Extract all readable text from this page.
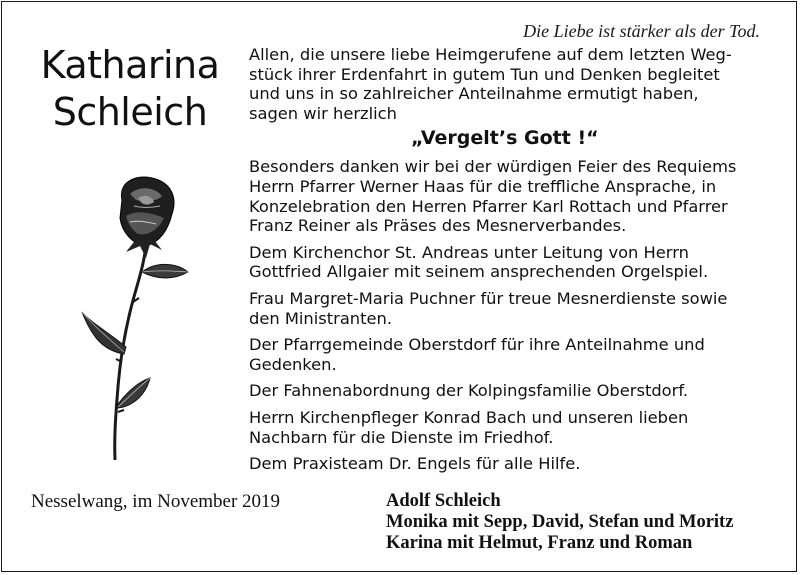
Die Liebe ist stärker als der Tod.
Katharina
Schleich
Allen, die unsere liebe Heimgerufene auf dem letzten Weg-
stück ihrer Erdenfahrt in gutem Tun und Denken begleitet
und uns in so zahlreicher Anteilnahme ermutigt haben,
sagen wir herzlich
„Vergelt’s Gott !“
Besonders danken wir bei der würdigen Feier des Requiems
Herrn Pfarrer Werner Haas für die treffliche Ansprache, in
Konzelebration den Herren Pfarrer Karl Rottach und Pfarrer
Franz Reiner als Präses des Mesnerverbandes.
Dem Kirchenchor St. Andreas unter Leitung von Herrn
Gottfried Allgaier mit seinem ansprechenden Orgelspiel.
Frau Margret-Maria Puchner für treue Mesnerdienste sowie
den Ministranten.
Der Pfarrgemeinde Oberstdorf für ihre Anteilnahme und
Gedenken.
Der Fahnenabordnung der Kolpingsfamilie Oberstdorf.
Herrn Kirchenpfleger Konrad Bach und unseren lieben
Nachbarn für die Dienste im Friedhof.
Dem Praxisteam Dr. Engels für alle Hilfe.
Nesselwang, im November 2019	Adolf Schleich
Monika mit Sepp, David, Stefan und Moritz
Karina mit Helmut, Franz und Roman
